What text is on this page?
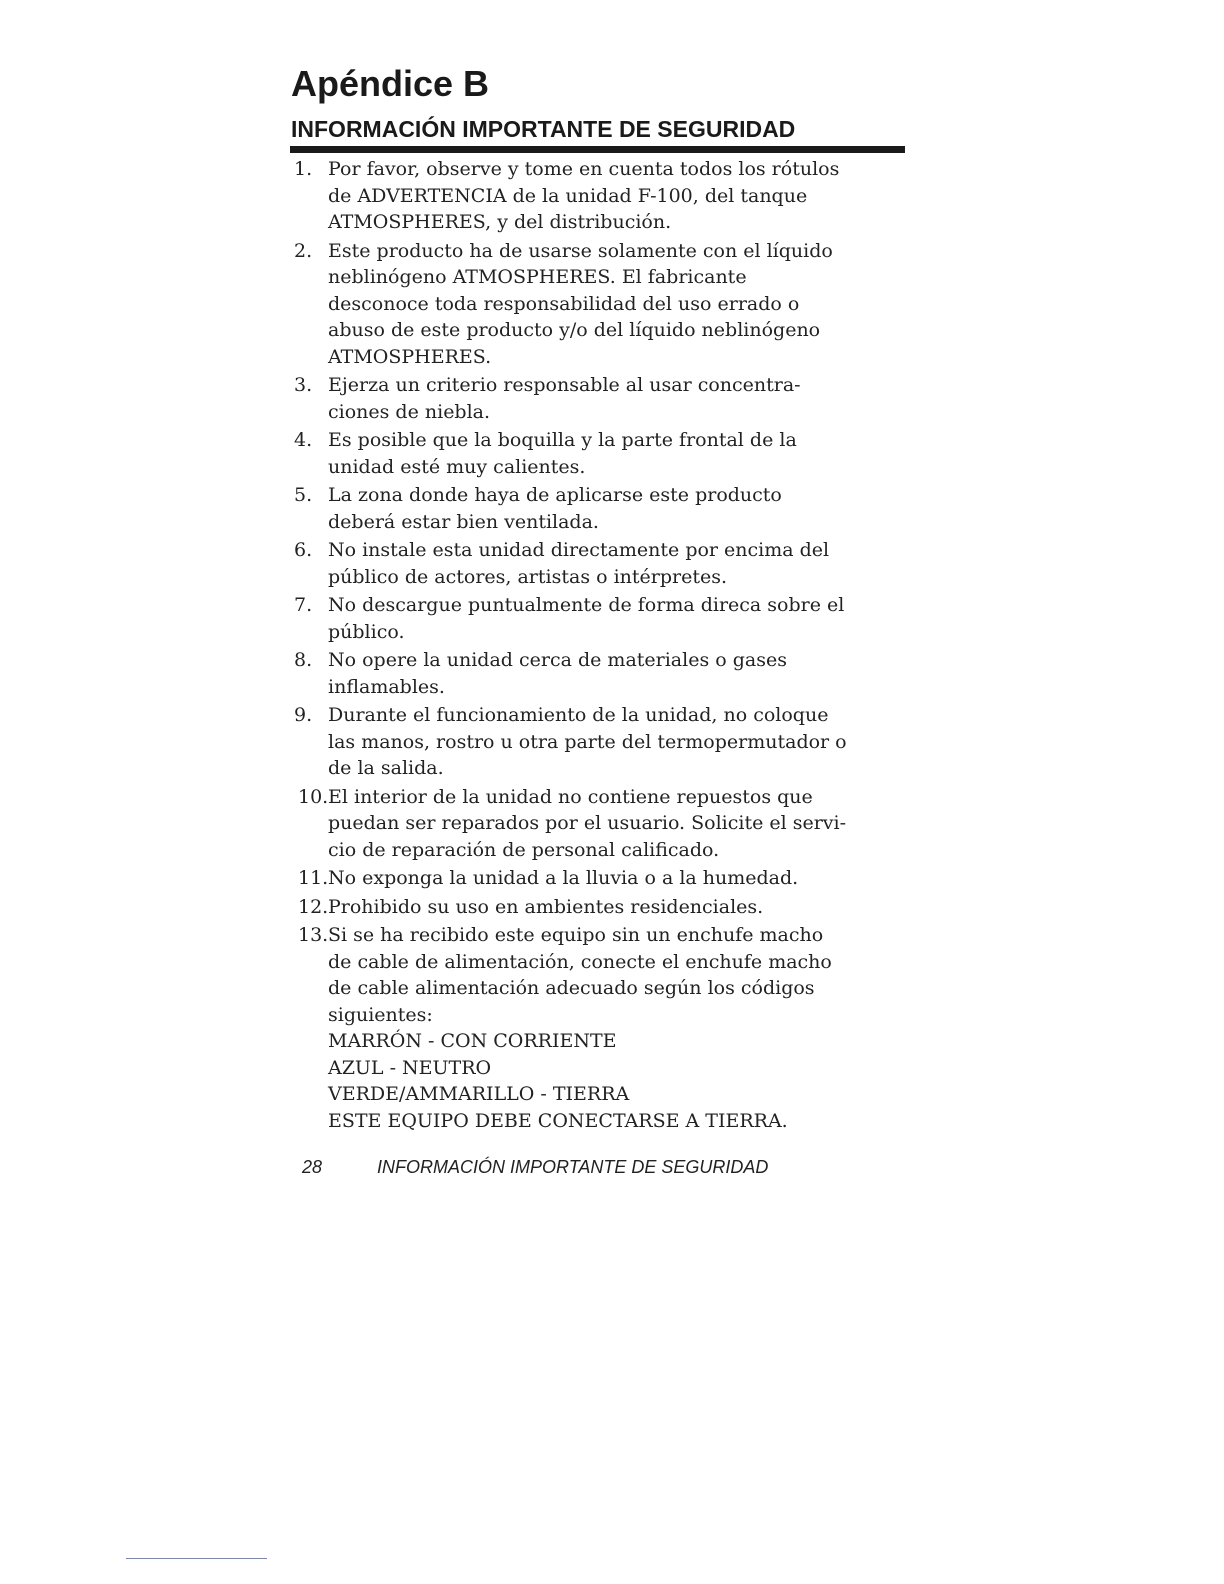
Apéndice B
INFORMACIÓN IMPORTANTE DE SEGURIDAD
1. Por favor, observe y tome en cuenta todos los rótulos
de ADVERTENCIA de la unidad F-100, del tanque
ATMOSPHERES, y del distribución.
2. Este producto ha de usarse solamente con el líquido
neblinógeno ATMOSPHERES. El fabricante
desconoce toda responsabilidad del uso errado o
abuso de este producto y/o del líquido neblinógeno
ATMOSPHERES.
3. Ejerza un criterio responsable al usar concentra-
ciones de niebla.
4. Es posible que la boquilla y la parte frontal de la
unidad esté muy calientes.
5. La zona donde haya de aplicarse este producto
deberá estar bien ventilada.
6. No instale esta unidad directamente por encima del
público de actores, artistas o intérpretes.
7. No descargue puntualmente de forma direca sobre el
público.
8. No opere la unidad cerca de materiales o gases
inflamables.
9. Durante el funcionamiento de la unidad, no coloque
las manos, rostro u otra parte del termopermutador o
de la salida.
10. El interior de la unidad no contiene repuestos que
puedan ser reparados por el usuario. Solicite el servi-
cio de reparación de personal calificado.
11. No exponga la unidad a la lluvia o a la humedad.
12. Prohibido su uso en ambientes residenciales.
13. Si se ha recibido este equipo sin un enchufe macho
de cable de alimentación, conecte el enchufe macho
de cable alimentación adecuado según los códigos
siguientes:
MARRÓN - CON CORRIENTE
AZUL - NEUTRO
VERDE/AMMARILLO - TIERRA
ESTE EQUIPO DEBE CONECTARSE A TIERRA.
28	INFORMACIÓN IMPORTANTE DE SEGURIDAD
